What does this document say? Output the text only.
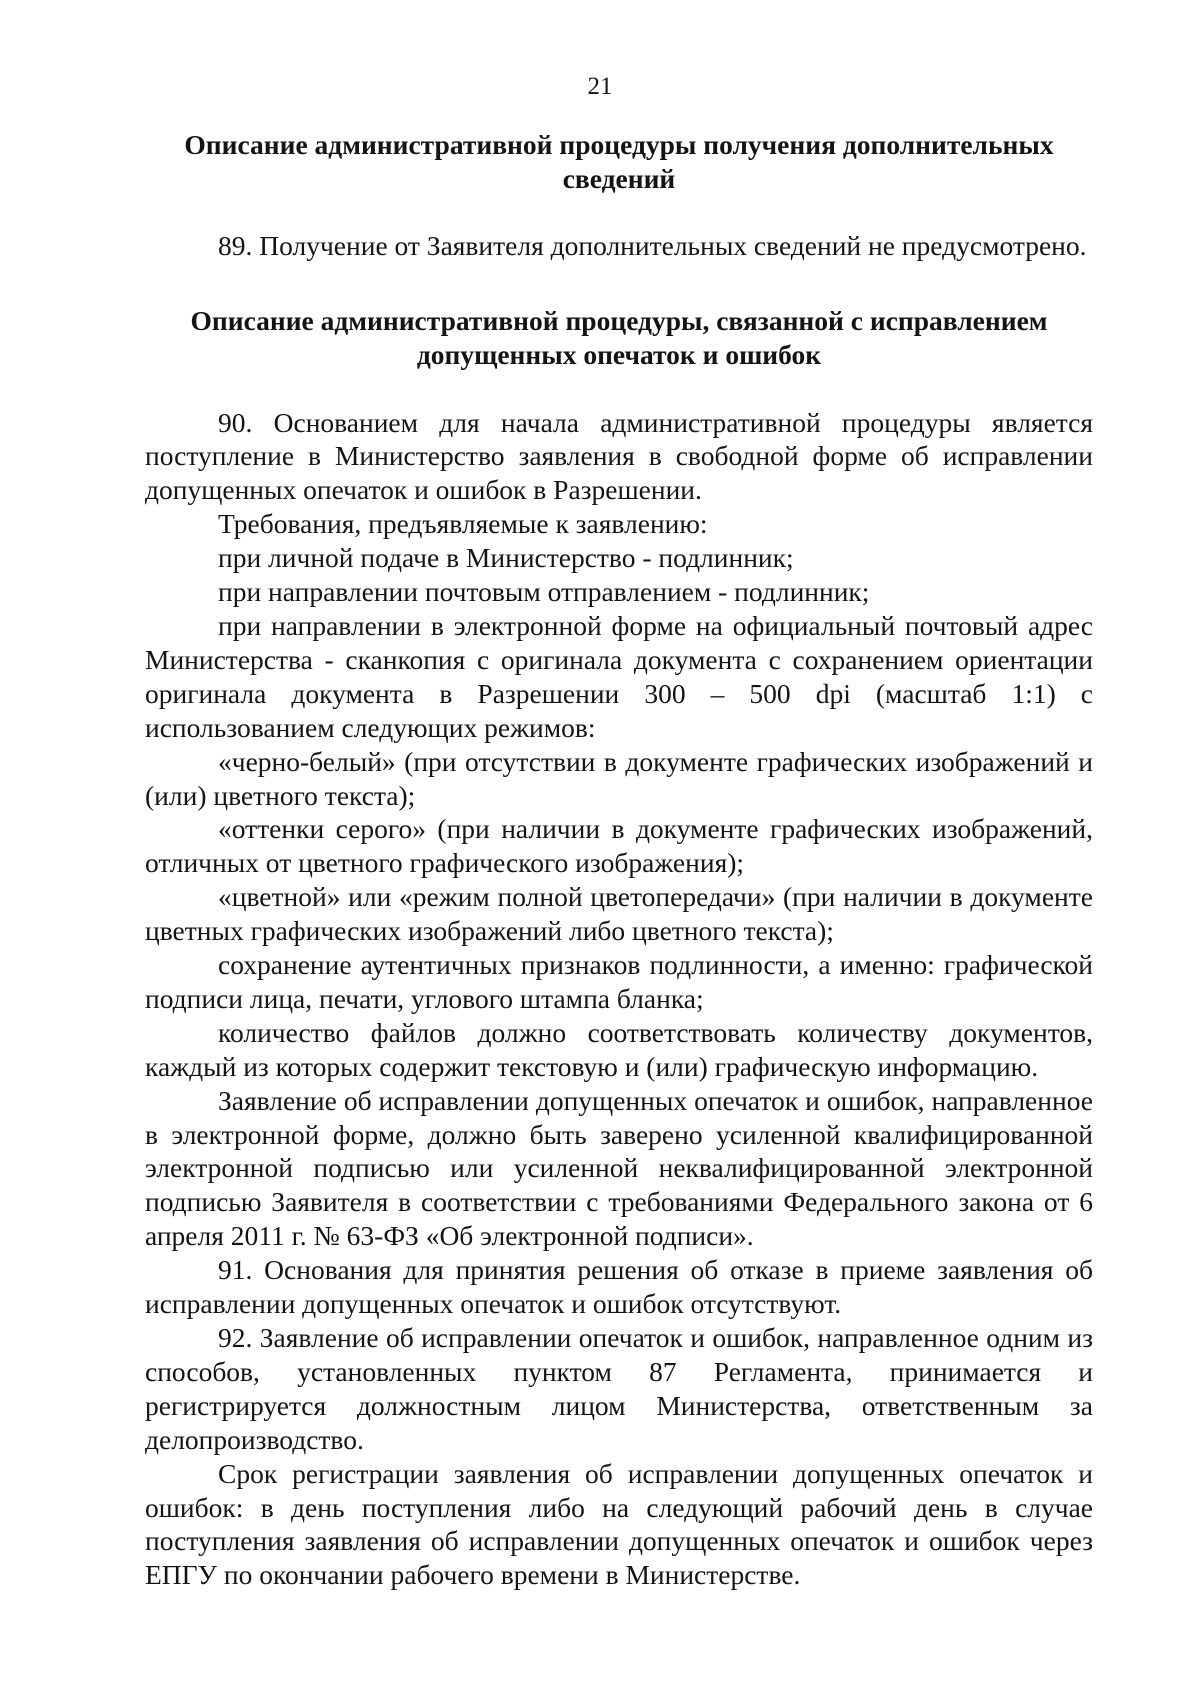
21
Описание административной процедуры получения дополнительных
сведений

89. Получение от Заявителя дополнительных сведений не предусмотрено.

Описание административной процедуры, связанной с исправлением
допущенных опечаток и ошибок

90. Основанием для начала административной процедуры является поступление в Министерство заявления в свободной форме об исправлении допущенных опечаток и ошибок в Разрешении.

Требования, предъявляемые к заявлению:

при личной подаче в Министерство - подлинник;

при направлении почтовым отправлением - подлинник;

при направлении в электронной форме на официальный почтовый адрес Министерства - сканкопия с оригинала документа с сохранением ориентации оригинала документа в Разрешении 300 – 500 dpi (масштаб 1:1) с использованием следующих режимов:

«черно-белый» (при отсутствии в документе графических изображений и (или) цветного текста);

«оттенки серого» (при наличии в документе графических изображений, отличных от цветного графического изображения);

«цветной» или «режим полной цветопередачи» (при наличии в документе цветных графических изображений либо цветного текста);

сохранение аутентичных признаков подлинности, а именно: графической подписи лица, печати, углового штампа бланка;

количество файлов должно соответствовать количеству документов, каждый из которых содержит текстовую и (или) графическую информацию.

Заявление об исправлении допущенных опечаток и ошибок, направленное в электронной форме, должно быть заверено усиленной квалифицированной электронной подписью или усиленной неквалифицированной электронной подписью Заявителя в соответствии с требованиями Федерального закона от 6 апреля 2011 г. № 63-ФЗ «Об электронной подписи».

91. Основания для принятия решения об отказе в приеме заявления об исправлении допущенных опечаток и ошибок отсутствуют.

92. Заявление об исправлении опечаток и ошибок, направленное одним из способов, установленных пунктом 87 Регламента, принимается и регистрируется должностным лицом Министерства, ответственным за делопроизводство.

Срок регистрации заявления об исправлении допущенных опечаток и ошибок: в день поступления либо на следующий рабочий день в случае поступления заявления об исправлении допущенных опечаток и ошибок через ЕПГУ по окончании рабочего времени в Министерстве.
